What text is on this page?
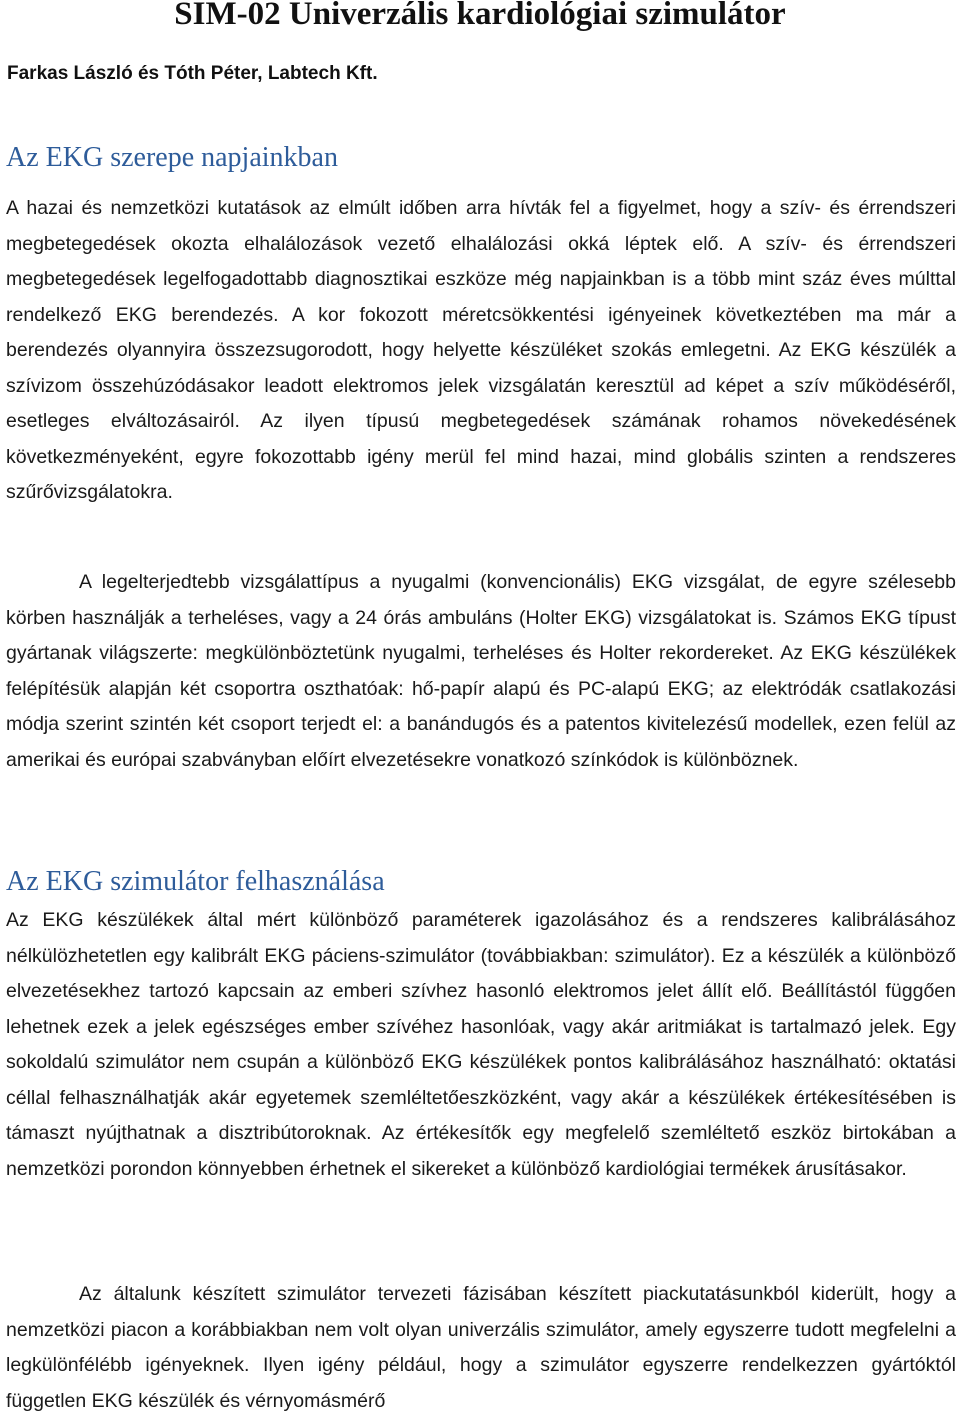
SIM-02 Univerzális kardiológiai szimulátor

Farkas László és Tóth Péter, Labtech Kft.

Az EKG szerepe napjainkban

A hazai és nemzetközi kutatások az elmúlt időben arra hívták fel a figyelmet, hogy a szív- és érrendszeri megbetegedések okozta elhalálozások vezető elhalálozási okká léptek elő. A szív- és érrendszeri megbetegedések legelfogadottabb diagnosztikai eszköze még napjainkban is a több mint száz éves múlttal rendelkező EKG berendezés. A kor fokozott méretcsökkentési igényeinek következtében ma már a berendezés olyannyira összezsugorodott, hogy helyette készüléket szokás emlegetni. Az EKG készülék a szívizom összehúzódásakor leadott elektromos jelek vizsgálatán keresztül ad képet a szív működéséről, esetleges elváltozásairól. Az ilyen típusú megbetegedések számának rohamos növekedésének következményeként, egyre fokozottabb igény merül fel mind hazai, mind globális szinten a rendszeres szűrővizsgálatokra.

A legelterjedtebb vizsgálattípus a nyugalmi (konvencionális) EKG vizsgálat, de egyre szélesebb körben használják a terheléses, vagy a 24 órás ambuláns (Holter EKG) vizsgálatokat is. Számos EKG típust gyártanak világszerte: megkülönböztetünk nyugalmi, terheléses és Holter rekordereket. Az EKG készülékek felépítésük alapján két csoportra oszthatóak: hő-papír alapú és PC-alapú EKG; az elektródák csatlakozási módja szerint szintén két csoport terjedt el: a banándugós és a patentos kivitelezésű modellek, ezen felül az amerikai és európai szabványban előírt elvezetésekre vonatkozó színkódok is különböznek.

Az EKG szimulátor felhasználása

Az EKG készülékek által mért különböző paraméterek igazolásához és a rendszeres kalibrálásához nélkülözhetetlen egy kalibrált EKG páciens-szimulátor (továbbiakban: szimulátor). Ez a készülék a különböző elvezetésekhez tartozó kapcsain az emberi szívhez hasonló elektromos jelet állít elő. Beállítástól függően lehetnek ezek a jelek egészséges ember szívéhez hasonlóak, vagy akár aritmiákat is tartalmazó jelek. Egy sokoldalú szimulátor nem csupán a különböző EKG készülékek pontos kalibrálásához használható: oktatási céllal felhasználhatják akár egyetemek szemléltetőeszközként, vagy akár a készülékek értékesítésében is támaszt nyújthatnak a disztribútoroknak. Az értékesítők egy megfelelő szemléltető eszköz birtokában a nemzetközi porondon könnyebben érhetnek el sikereket a különböző kardiológiai termékek árusításakor.

Az általunk készített szimulátor tervezeti fázisában készített piackutatásunkból kiderült, hogy a nemzetközi piacon a korábbiakban nem volt olyan univerzális szimulátor, amely egyszerre tudott megfelelni a legkülönfélébb igényeknek. Ilyen igény például, hogy a szimulátor egyszerre rendelkezzen gyártóktól független EKG készülék és vérnyomásmérő
